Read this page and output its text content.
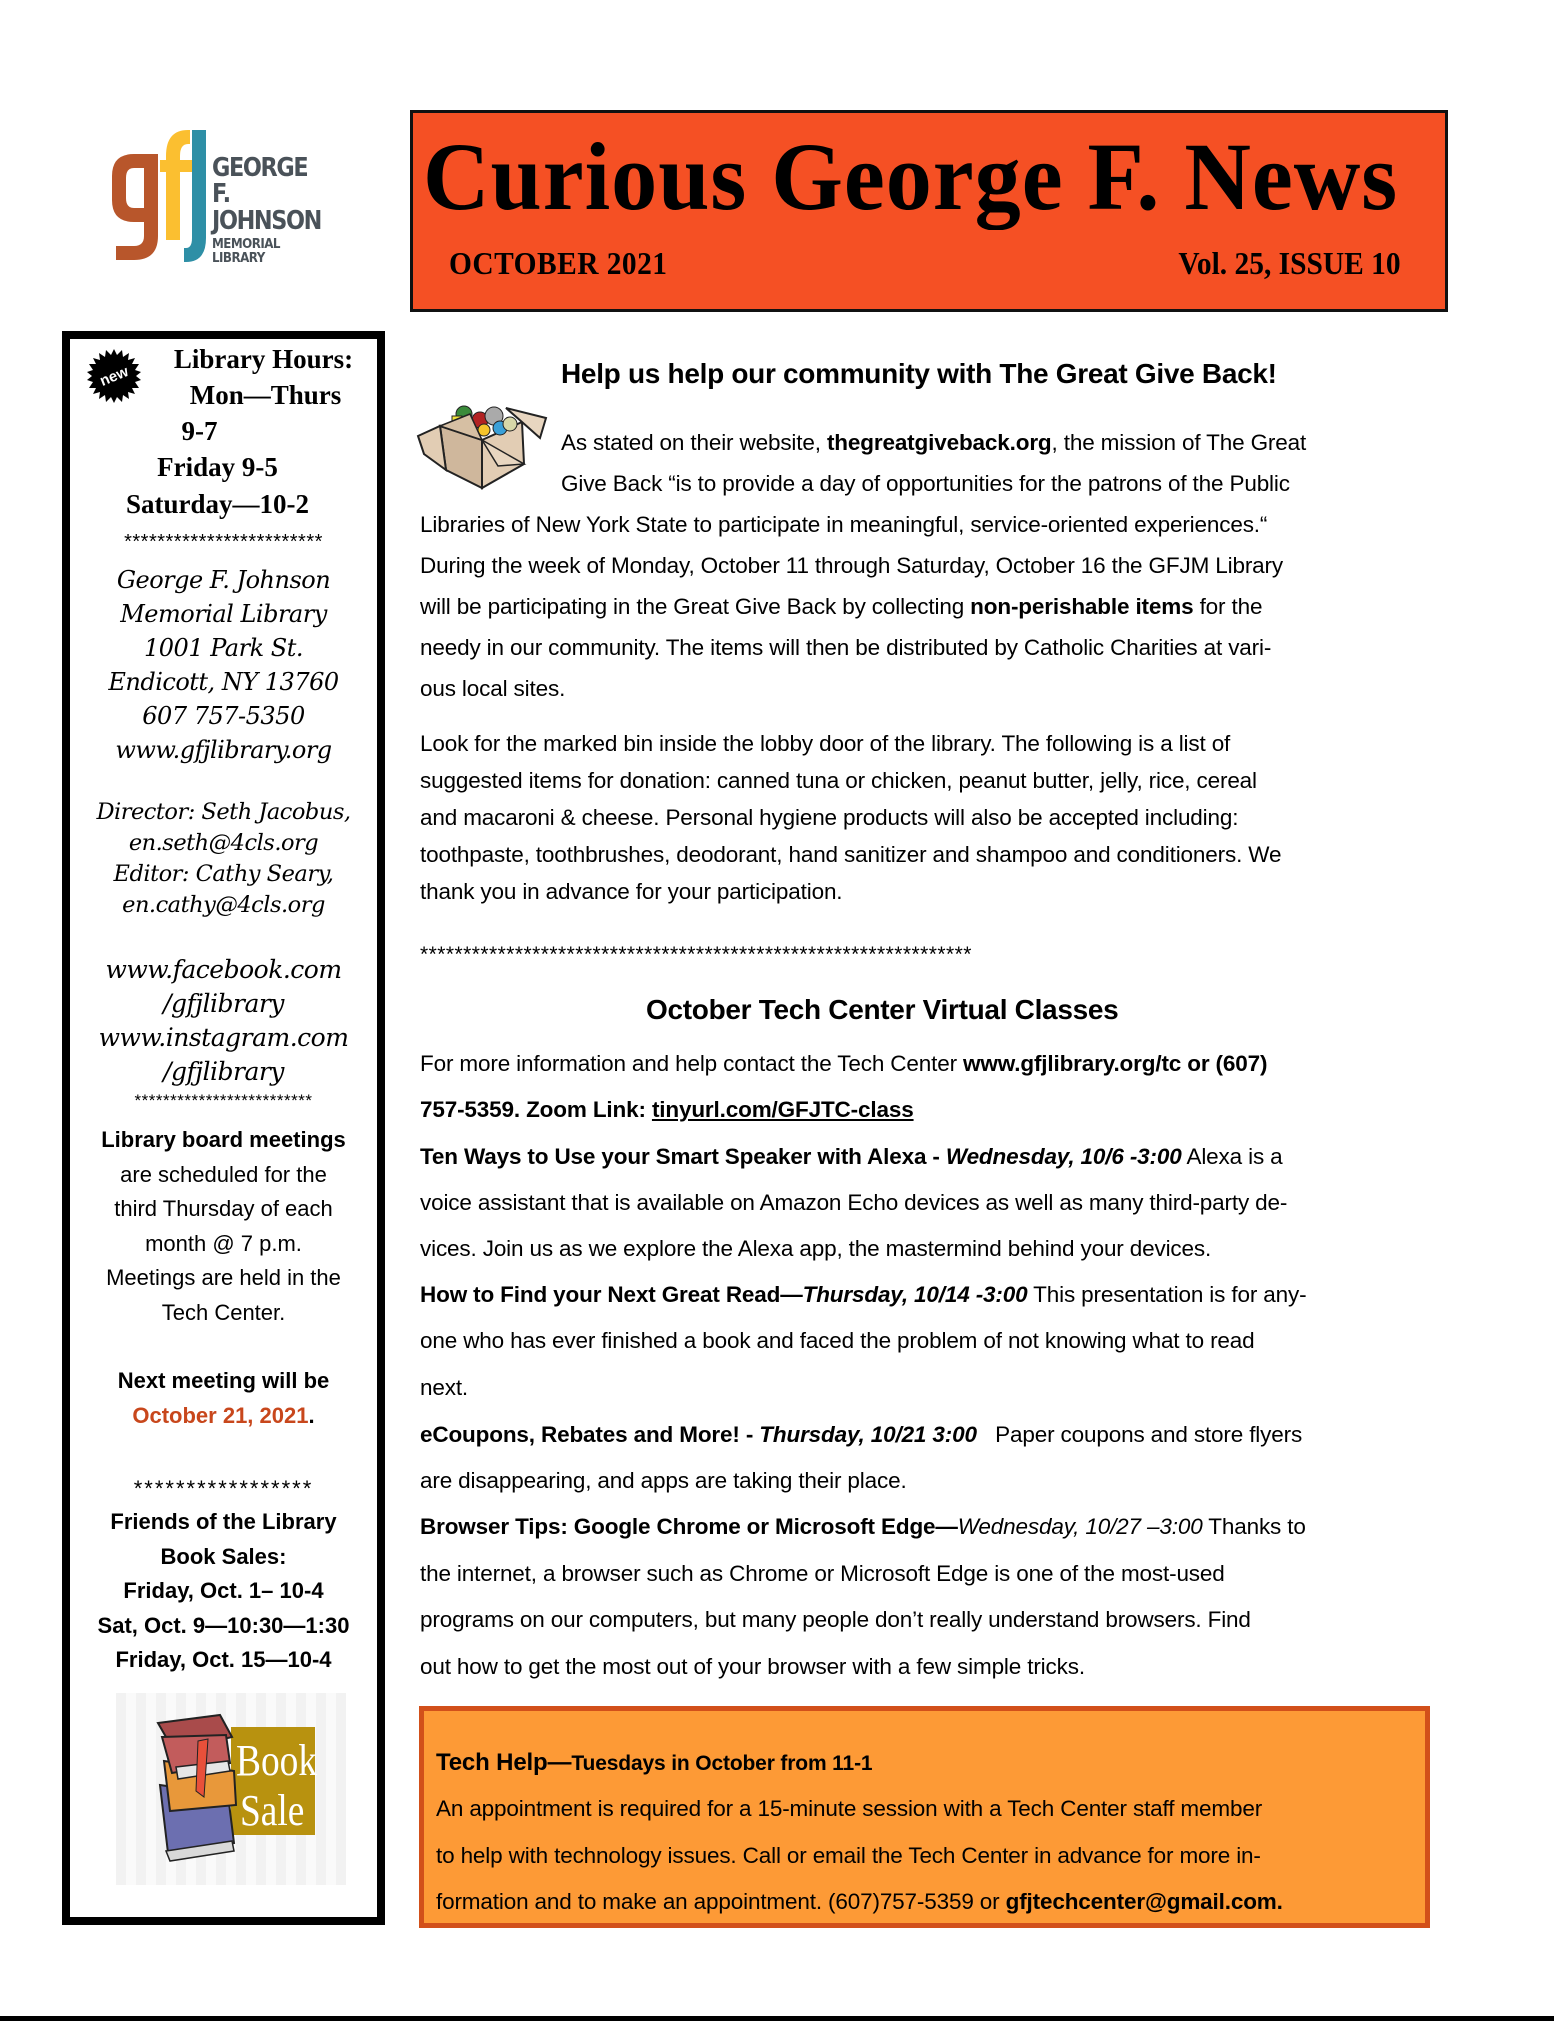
GEORGE F.
JOHNSON
MEMORIAL LIBRARY
Curious George F. News
OCTOBER 2021	Vol. 25, ISSUE 10
new
Library Hours:
Mon—Thurs
9-7
Friday 9-5
Saturday—10-2
************************
George F. Johnson
Memorial Library
1001 Park St.
Endicott, NY 13760
607 757-5350
www.gfjlibrary.org
Director: Seth Jacobus,
en.seth@4cls.org
Editor: Cathy Seary,
en.cathy@4cls.org
www.facebook.com
/gfjlibrary
www.instagram.com
/gfjlibrary
*************************
Library board meetings
are scheduled for the
third Thursday of each
month @ 7 p.m.
Meetings are held in the
Tech Center.
Next meeting will be
October 21, 2021.
*****************
Friends of the Library
Book Sales:
Friday, Oct. 1– 10-4
Sat, Oct. 9—10:30—1:30
Friday, Oct. 15—10-4
Book
Sale
Help us help our community with The Great Give Back!
As stated on their website, thegreatgiveback.org, the mission of The Great
Give Back “is to provide a day of opportunities for the patrons of the Public
Libraries of New York State to participate in meaningful, service-oriented experiences.“
During the week of Monday, October 11 through Saturday, October 16 the GFJM Library
will be participating in the Great Give Back by collecting non-perishable items for the
needy in our community. The items will then be distributed by Catholic Charities at vari-
ous local sites.
Look for the marked bin inside the lobby door of the library. The following is a list of
suggested items for donation: canned tuna or chicken, peanut butter, jelly, rice, cereal
and macaroni & cheese. Personal hygiene products will also be accepted including:
toothpaste, toothbrushes, deodorant, hand sanitizer and shampoo and conditioners. We
thank you in advance for your participation.
****************************************************************
October Tech Center Virtual Classes
For more information and help contact the Tech Center www.gfjlibrary.org/tc or (607)
757-5359. Zoom Link: tinyurl.com/GFJTC-class
Ten Ways to Use your Smart Speaker with Alexa - Wednesday, 10/6 -3:00 Alexa is a
voice assistant that is available on Amazon Echo devices as well as many third-party de-
vices. Join us as we explore the Alexa app, the mastermind behind your devices.
How to Find your Next Great Read—Thursday, 10/14 -3:00 This presentation is for any-
one who has ever finished a book and faced the problem of not knowing what to read
next.
eCoupons, Rebates and More! - Thursday, 10/21 3:00   Paper coupons and store flyers
are disappearing, and apps are taking their place.
Browser Tips: Google Chrome or Microsoft Edge—Wednesday, 10/27 –3:00 Thanks to
the internet, a browser such as Chrome or Microsoft Edge is one of the most-used
programs on our computers, but many people don’t really understand browsers. Find
out how to get the most out of your browser with a few simple tricks.
Tech Help—Tuesdays in October from 11-1
An appointment is required for a 15-minute session with a Tech Center staff member
to help with technology issues. Call or email the Tech Center in advance for more in-
formation and to make an appointment. (607)757-5359 or gfjtechcenter@gmail.com.
